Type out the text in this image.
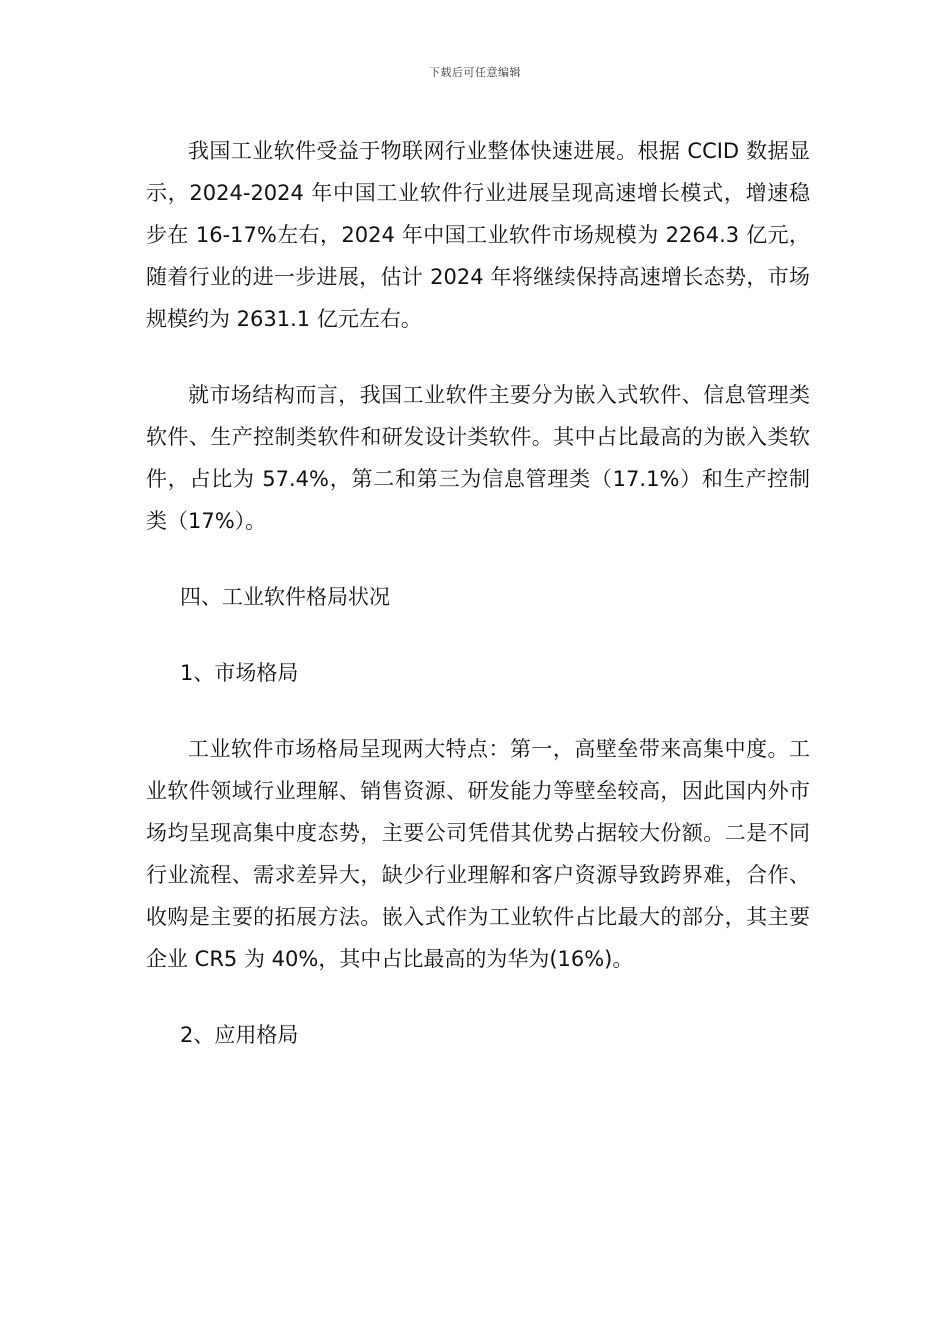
下载后可任意编辑

我国工业软件受益于物联网行业整体快速进展。根据 CCID 数据显示，2024-2024 年中国工业软件行业进展呈现高速增长模式，增速稳步在 16-17%左右，2024 年中国工业软件市场规模为 2264.3 亿元，随着行业的进一步进展，估计 2024 年将继续保持高速增长态势，市场规模约为 2631.1 亿元左右。

就市场结构而言，我国工业软件主要分为嵌入式软件、信息管理类软件、生产控制类软件和研发设计类软件。其中占比最高的为嵌入类软件，占比为 57.4%，第二和第三为信息管理类（17.1%）和生产控制类（17%）。

四、工业软件格局状况

1、市场格局

工业软件市场格局呈现两大特点：第一，高壁垒带来高集中度。工业软件领域行业理解、销售资源、研发能力等壁垒较高，因此国内外市场均呈现高集中度态势，主要公司凭借其优势占据较大份额。二是不同行业流程、需求差异大，缺少行业理解和客户资源导致跨界难，合作、收购是主要的拓展方法。嵌入式作为工业软件占比最大的部分，其主要企业 CR5 为 40%，其中占比最高的为华为(16%)。

2、应用格局
